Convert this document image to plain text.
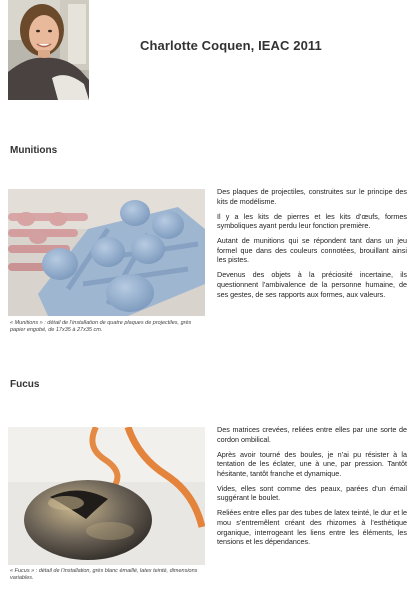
Charlotte Coquen, IEAC 2011
Munitions
« Munitions » : détail de l’installation de quatre plaques de projectiles, grès papier engobé, de 17x35 à 27x35 cm.

Des plaques de projectiles, construites sur le principe des kits de modélisme.

Il y a les kits de pierres et les kits d’œufs, formes symboliques ayant perdu leur fonction première.

Autant de munitions qui se répondent tant dans un jeu formel que dans des couleurs connotées, brouillant ainsi les pistes.

Devenus des objets à la préciosité incertaine, ils questionnent l’ambivalence de la personne humaine, de ses gestes, de ses rapports aux formes, aux valeurs.

Fucus
« Fucus » : détail de l’installation, grès blanc émaillé, latex teinté, dimensions variables.

Des matrices crevées, reliées entre elles par une sorte de cordon ombilical.

Après avoir tourné des boules, je n’ai pu résister à la tentation de les éclater, une à une, par pression. Tantôt hésitante, tantôt franche et dynamique.

Vides, elles sont comme des peaux, parées d’un émail suggérant le boulet.

Reliées entre elles par des tubes de latex teinté, le dur et le mou s’entremêlent créant des rhizomes à l’esthétique organique, interrogeant les liens entre les éléments, les tensions et les dépendances.
